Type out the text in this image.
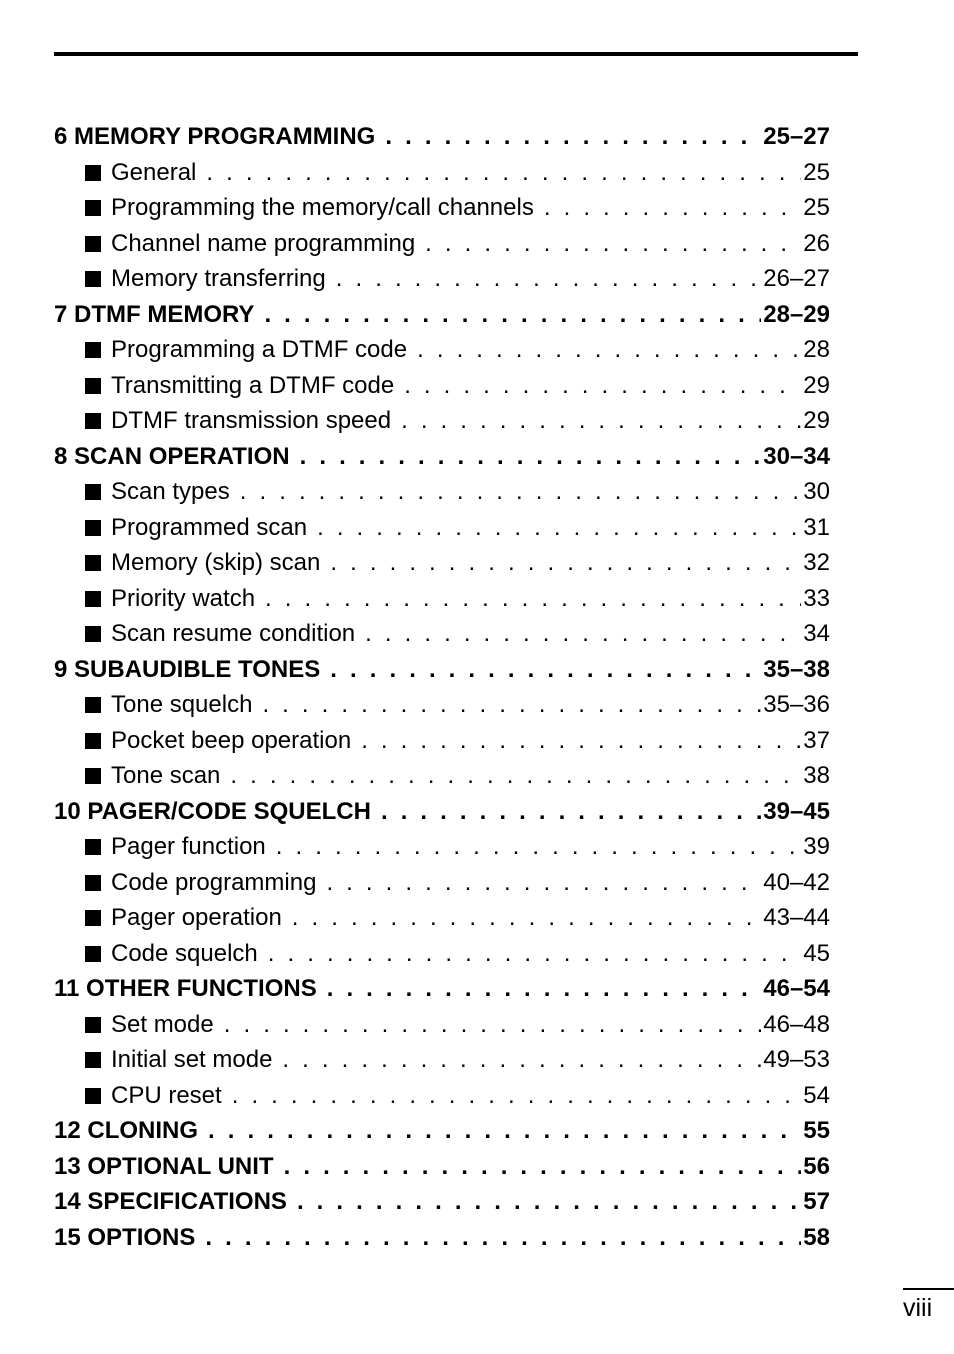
6 MEMORY PROGRAMMING . . .	25–27
General . . .	25
Programming the memory/call channels . . .	25
Channel name programming . . .	26
Memory transferring . . .	26–27
7 DTMF MEMORY . . .	28–29
Programming a DTMF code . . .	28
Transmitting a DTMF code . . .	29
DTMF transmission speed . . .	29
8 SCAN OPERATION . . .	30–34
Scan types . . .	30
Programmed scan . . .	31
Memory (skip) scan . . .	32
Priority watch . . .	33
Scan resume condition . . .	34
9 SUBAUDIBLE TONES . . .	35–38
Tone squelch . . .	35–36
Pocket beep operation . . .	37
Tone scan . . .	38
10 PAGER/CODE SQUELCH . . .	39–45
Pager function . . .	39
Code programming . . .	40–42
Pager operation . . .	43–44
Code squelch . . .	45
11 OTHER FUNCTIONS . . .	46–54
Set mode . . .	46–48
Initial set mode . . .	49–53
CPU reset . . .	54
12 CLONING . . .	55
13 OPTIONAL UNIT . . .	56
14 SPECIFICATIONS . . .	57
15 OPTIONS . . .	58
viii
